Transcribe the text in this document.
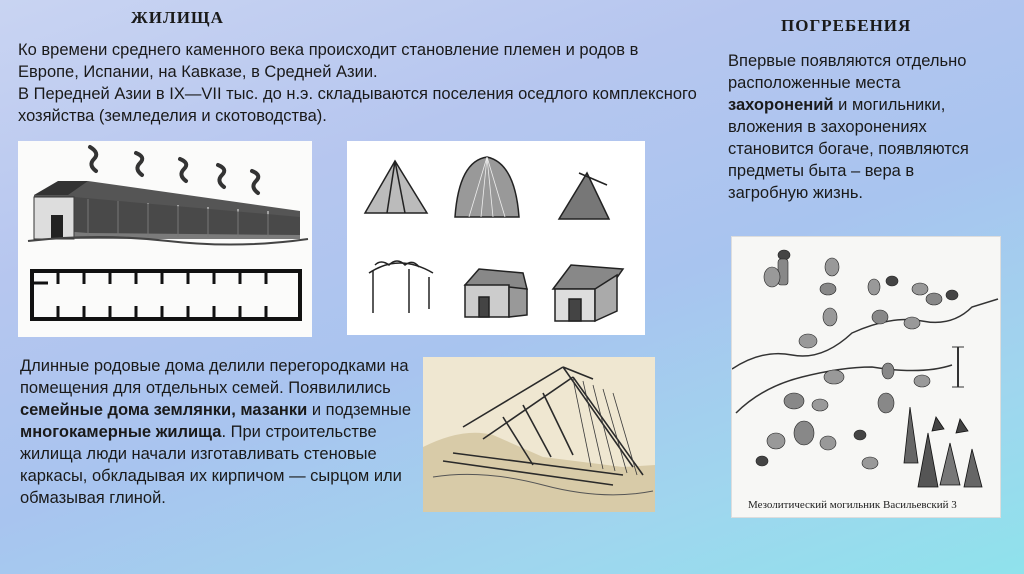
ЖИЛИЩА	ПОГРЕБЕНИЯ

Ко времени среднего каменного века происходит становление племен и родов в Европе, Испании, на Кавказе, в Средней Азии.

В Передней Азии в IX—VII тыс. до н.э. складываются поселения оседлого комплексного хозяйства (земледелия и скотоводства).

Впервые появляются отдельно расположенные места захоронений и могильники, вложения в захоронениях становится богаче, появляются предметы быта – вера в загробную жизнь.

Длинные родовые дома делили перегородками на помещения для отдельных семей. Появилились семейные дома землянки, мазанки и подземные многокамерные жилища. При строительстве жилища люди начали изготавливать стеновые каркасы, обкладывая их кирпичом — сырцом или обмазывая глиной.	Мезолитический могильник Васильевский 3
